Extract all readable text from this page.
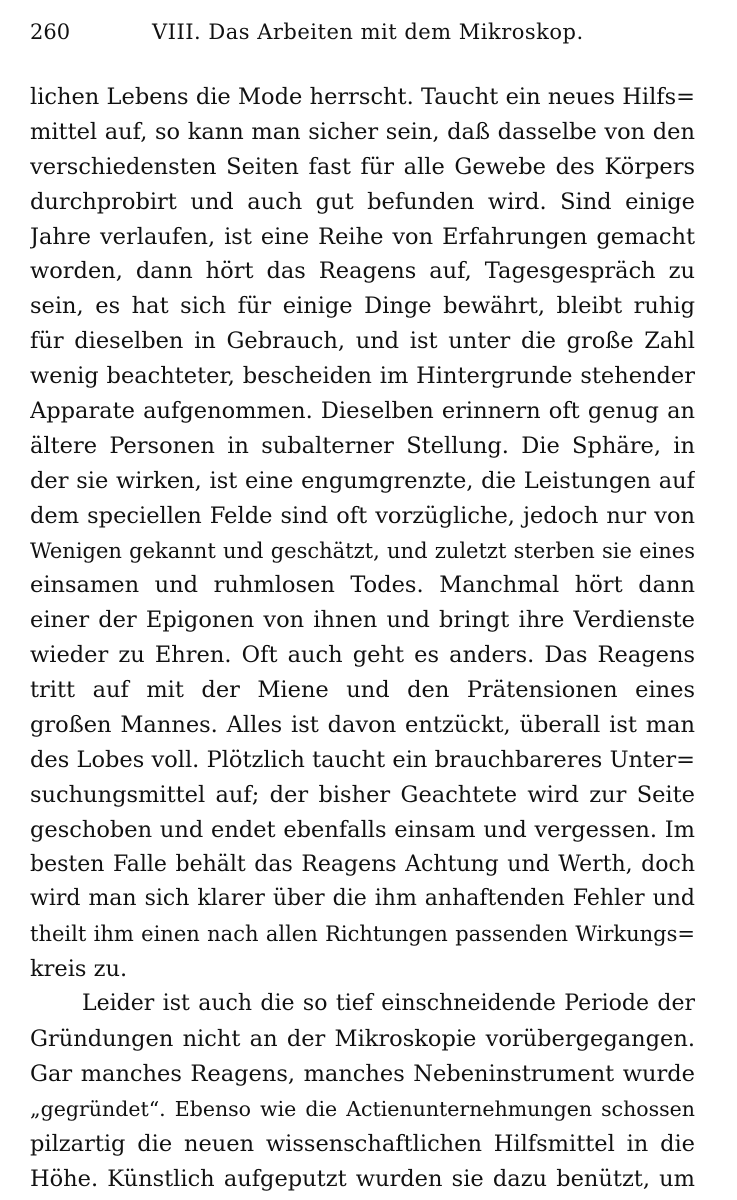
260	VIII. Das Arbeiten mit dem Mikroskop.
lichen Lebens die Mode herrscht. Taucht ein neues Hilfs=
mittel auf, so kann man sicher sein, daß dasselbe von den
verschiedensten Seiten fast für alle Gewebe des Körpers
durchprobirt und auch gut befunden wird. Sind einige
Jahre verlaufen, ist eine Reihe von Erfahrungen gemacht
worden, dann hört das Reagens auf, Tagesgespräch zu
sein, es hat sich für einige Dinge bewährt, bleibt ruhig
für dieselben in Gebrauch, und ist unter die große Zahl
wenig beachteter, bescheiden im Hintergrunde stehender
Apparate aufgenommen. Dieselben erinnern oft genug an
ältere Personen in subalterner Stellung. Die Sphäre, in
der sie wirken, ist eine engumgrenzte, die Leistungen auf
dem speciellen Felde sind oft vorzügliche, jedoch nur von
Wenigen gekannt und geschätzt, und zuletzt sterben sie eines
einsamen und ruhmlosen Todes. Manchmal hört dann
einer der Epigonen von ihnen und bringt ihre Verdienste
wieder zu Ehren. Oft auch geht es anders. Das Reagens
tritt auf mit der Miene und den Prätensionen eines
großen Mannes. Alles ist davon entzückt, überall ist man
des Lobes voll. Plötzlich taucht ein brauchbareres Unter=
suchungsmittel auf; der bisher Geachtete wird zur Seite
geschoben und endet ebenfalls einsam und vergessen. Im
besten Falle behält das Reagens Achtung und Werth, doch
wird man sich klarer über die ihm anhaftenden Fehler und
theilt ihm einen nach allen Richtungen passenden Wirkungs=
kreis zu.
Leider ist auch die so tief einschneidende Periode der
Gründungen nicht an der Mikroskopie vorübergegangen.
Gar manches Reagens, manches Nebeninstrument wurde
„gegründet“. Ebenso wie die Actienunternehmungen schossen
pilzartig die neuen wissenschaftlichen Hilfsmittel in die
Höhe. Künstlich aufgeputzt wurden sie dazu benützt, um
